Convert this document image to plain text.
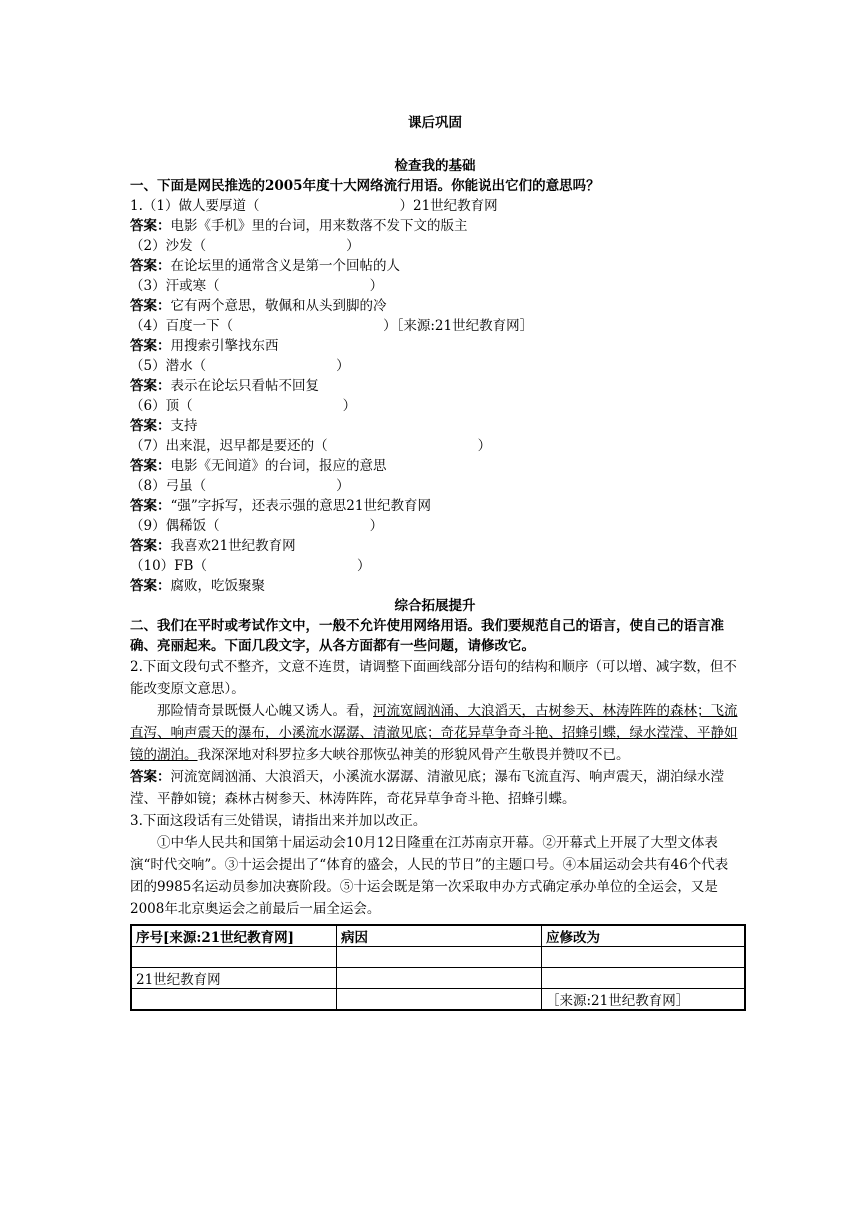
课后巩固
检查我的基础
一、下面是网民推选的2005年度十大网络流行用语。你能说出它们的意思吗？
1.（1）做人要厚道（	）21世纪教育网
答案：电影《手机》里的台词，用来数落不发下文的版主
（2）沙发（	）
答案：在论坛里的通常含义是第一个回帖的人
（3）汗或寒（	）
答案：它有两个意思，敬佩和从头到脚的冷
（4）百度一下（	）［来源:21世纪教育网］
答案：用搜索引擎找东西
（5）潜水（	）
答案：表示在论坛只看帖不回复
（6）顶（	）
答案：支持
（7）出来混，迟早都是要还的（	）
答案：电影《无间道》的台词，报应的意思
（8）弓虽（	）
答案：“强”字拆写，还表示强的意思21世纪教育网
（9）偶稀饭（	）
答案：我喜欢21世纪教育网
（10）FB（	）
答案：腐败，吃饭聚聚
综合拓展提升
二、我们在平时或考试作文中，一般不允许使用网络用语。我们要规范自己的语言，使自己的语言准确、亮丽起来。下面几段文字，从各方面都有一些问题，请修改它。
2.下面文段句式不整齐，文意不连贯，请调整下面画线部分语句的结构和顺序（可以增、减字数，但不能改变原文意思）。
那险情奇景既慑人心魄又诱人。看，河流宽阔汹涌、大浪滔天，古树参天、林涛阵阵的森林；飞流直泻、响声震天的瀑布，小溪流水潺潺、清澈见底；奇花异草争奇斗艳、招蜂引蝶，绿水滢滢、平静如镜的湖泊。我深深地对科罗拉多大峡谷那恢弘神美的形貌风骨产生敬畏并赞叹不已。
答案：河流宽阔汹涌、大浪滔天，小溪流水潺潺、清澈见底；瀑布飞流直泻、响声震天，湖泊绿水滢滢、平静如镜；森林古树参天、林涛阵阵，奇花异草争奇斗艳、招蜂引蝶。
3.下面这段话有三处错误，请指出来并加以改正。
①中华人民共和国第十届运动会10月12日隆重在江苏南京开幕。②开幕式上开展了大型文体表演“时代交响”。③十运会提出了“体育的盛会，人民的节日”的主题口号。④本届运动会共有46个代表团的9985名运动员参加决赛阶段。⑤十运会既是第一次采取申办方式确定承办单位的全运会，又是2008年北京奥运会之前最后一届全运会。
序号[来源:21世纪教育网]	病因	应修改为

21世纪教育网		
		［来源:21世纪教育网］
